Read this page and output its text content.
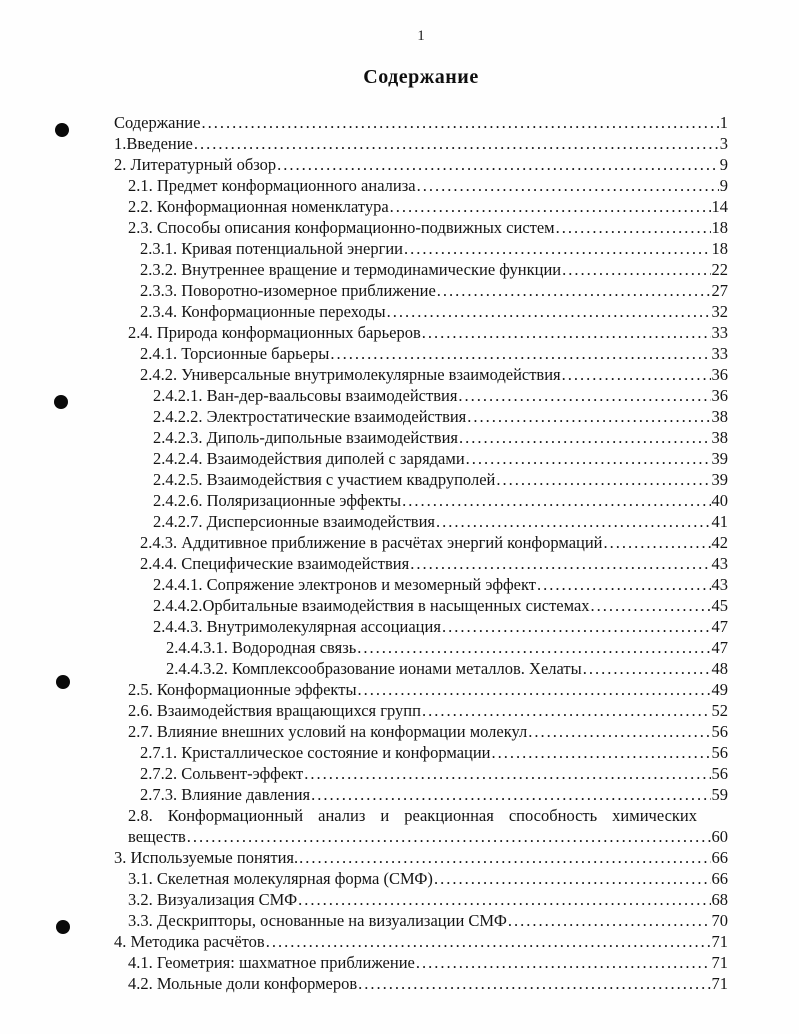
1
Содержание
Содержание .....	1
1.Введение .....	3
2. Литературный обзор .....	9
2.1. Предмет конформационного анализа .....	9
2.2. Конформационная номенклатура .....	14
2.3. Способы описания конформационно-подвижных систем .....	18
2.3.1. Кривая потенциальной энергии .....	18
2.3.2. Внутреннее вращение и термодинамические функции .....	22
2.3.3. Поворотно-изомерное приближение .....	27
2.3.4. Конформационные переходы .....	32
2.4. Природа конформационных барьеров .....	33
2.4.1. Торсионные барьеры .....	33
2.4.2. Универсальные внутримолекулярные взаимодействия .....	36
2.4.2.1. Ван-дер-ваальсовы взаимодействия .....	36
2.4.2.2. Электростатические взаимодействия .....	38
2.4.2.3. Диполь-дипольные взаимодействия .....	38
2.4.2.4. Взаимодействия диполей с зарядами .....	39
2.4.2.5. Взаимодействия с участием квадруполей .....	39
2.4.2.6. Поляризационные эффекты .....	40
2.4.2.7. Дисперсионные взаимодействия .....	41
2.4.3. Аддитивное приближение в расчётах энергий конформаций .....	42
2.4.4. Специфические взаимодействия .....	43
2.4.4.1. Сопряжение электронов и мезомерный эффект .....	43
2.4.4.2.Орбитальные взаимодействия в насыщенных системах .....	45
2.4.4.3. Внутримолекулярная ассоциация .....	47
2.4.4.3.1. Водородная связь .....	47
2.4.4.3.2. Комплексообразование ионами металлов. Хелаты .....	48
2.5. Конформационные эффекты .....	49
2.6. Взаимодействия вращающихся групп .....	52
2.7. Влияние внешних условий на конформации молекул .....	56
2.7.1. Кристаллическое состояние и конформации .....	56
2.7.2. Сольвент-эффект .....	56
2.7.3. Влияние давления .....	59
2.8. Конформационный анализ и реакционная способность химических
веществ .....	60
3. Используемые понятия. .....	66
3.1. Скелетная молекулярная форма (СМФ) .....	66
3.2. Визуализация СМФ .....	68
3.3. Дескрипторы, основанные на визуализации СМФ .....	70
4. Методика расчётов .....	71
4.1. Геометрия: шахматное приближение .....	71
4.2. Мольные доли конформеров .....	71
